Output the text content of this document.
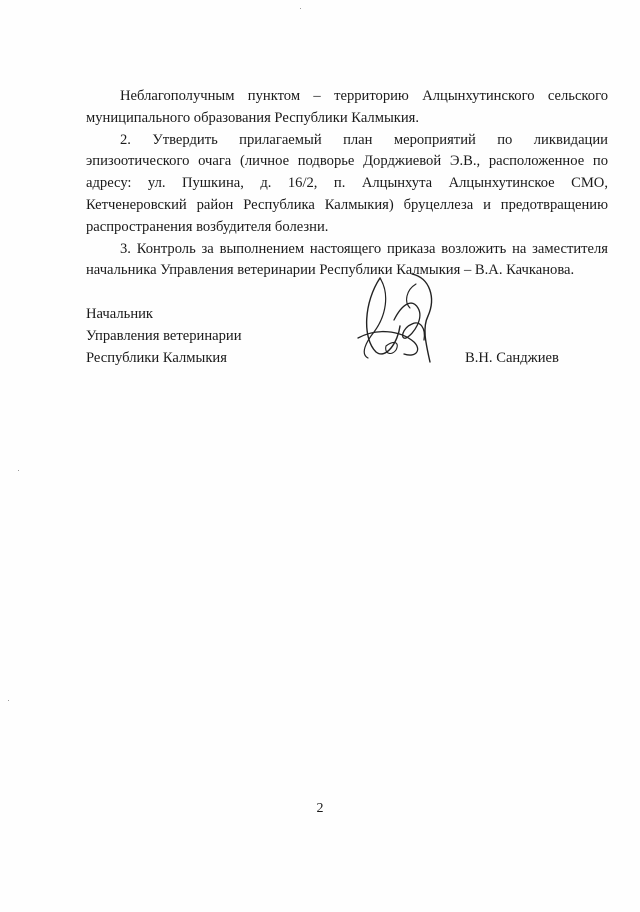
Неблагополучным пунктом – территорию Алцынхутинского сельского муниципального образования Республики Калмыкия.

2. Утвердить прилагаемый план мероприятий по ликвидации эпизоотического очага (личное подворье Дорджиевой Э.В., расположенное по адресу: ул. Пушкина, д. 16/2, п. Алцынхута Алцынхутинское СМО, Кетченеровский район Республика Калмыкия) бруцеллеза и предотвращению распространения возбудителя болезни.

3. Контроль за выполнением настоящего приказа возложить на заместителя начальника Управления ветеринарии Республики Калмыкия – В.А. Качканова.

Начальник
Управления ветеринарии
Республики Калмыкия	В.Н. Санджиев
2
